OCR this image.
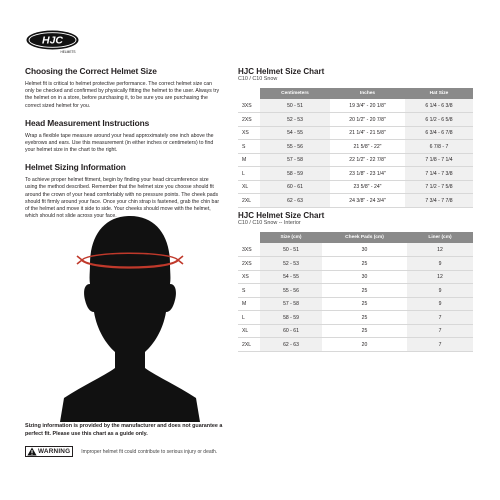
HJC
HELMETS
Choosing the Correct Helmet Size
Helmet fit is critical to helmet protective performance. The correct helmet size can only be checked and confirmed by physically fitting the helmet to the user. Always try the helmet on in a store, before purchasing it, to be sure you are purchasing the correct sized helmet for you.
Head Measurement Instructions
Wrap a flexible tape measure around your head approximately one inch above the eyebrows and ears. Use this measurement (in either inches or centimeters) to find your helmet size in the chart to the right.
Helmet Sizing Information
To achieve proper helmet fitment, begin by finding your head circumference size using the method described. Remember that the helmet size you choose should fit around the crown of your head comfortably with no pressure points. The cheek pads should fit firmly around your face. Once your chin strap is fastened, grab the chin bar of the helmet and move it side to side. Your cheeks should move with the helmet, which should not slide across your face.
Sizing information is provided by the manufacturer and does not guarantee a perfect fit. Please use this chart as a guide only.
WARNING Improper helmet fit could contribute to serious injury or death.
HJC Helmet Size Chart
C10 / C10 Snow
	Centimeters	Inches	Hat Size
3XS	50 - 51	19 3/4" - 20 1/8"	6 1/4 - 6 3/8
2XS	52 - 53	20 1/2" - 20 7/8"	6 1/2 - 6 5/8
XS	54 - 55	21 1/4" - 21 5/8"	6 3/4 - 6 7/8
S	55 - 56	21 5/8" - 22"	6 7/8 - 7
M	57 - 58	22 1/2" - 22 7/8"	7 1/8 - 7 1/4
L	58 - 59	23 1/8" - 23 1/4"	7 1/4 - 7 3/8
XL	60 - 61	23 5/8" - 24"	7 1/2 - 7 5/8
2XL	62 - 63	24 3/8" - 24 3/4"	7 3/4 - 7 7/8
HJC Helmet Size Chart
C10 / C10 Snow -- Interior
	Size (cm)	Cheek Pads (cm)	Liner (cm)
3XS	50 - 51	30	12
2XS	52 - 53	25	9
XS	54 - 55	30	12
S	55 - 56	25	9
M	57 - 58	25	9
L	58 - 59	25	7
XL	60 - 61	25	7
2XL	62 - 63	20	7
